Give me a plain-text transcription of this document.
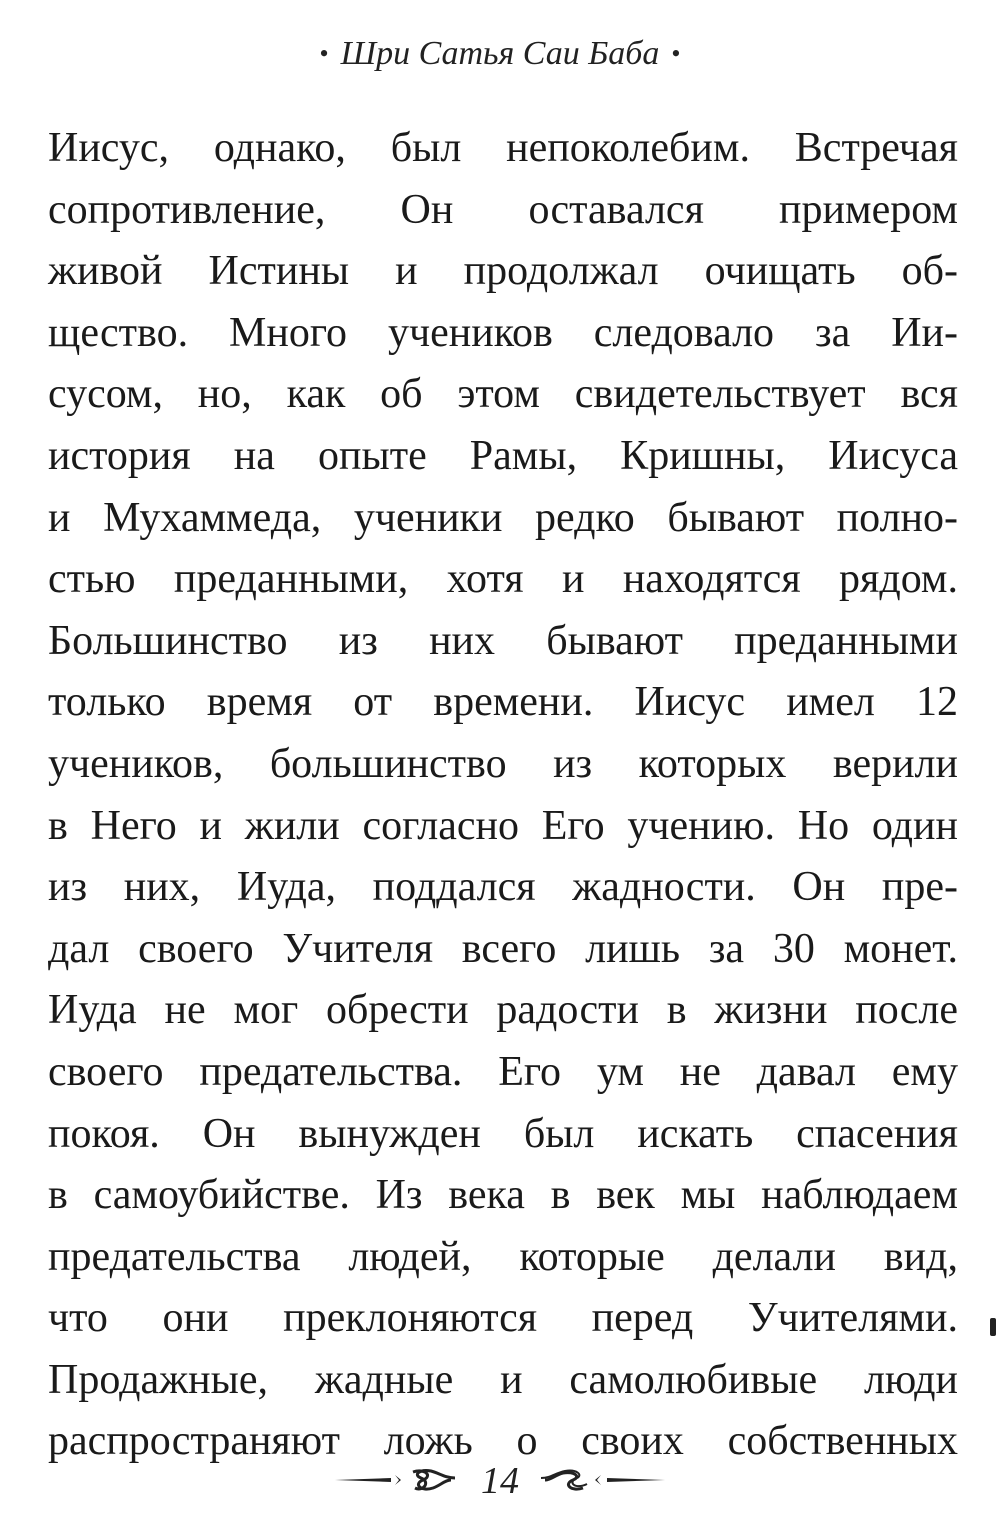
• Шри Сатья Саи Баба •
Иисус, однако, был непоколебим. Встречая
сопротивление, Он оставался примером
живой Истины и продолжал очищать об-
щество. Много учеников следовало за Ии-
сусом, но, как об этом свидетельствует вся
история на опыте Рамы, Кришны, Иисуса
и Мухаммеда, ученики редко бывают полно-
стью преданными, хотя и находятся рядом.
Большинство из них бывают преданными
только время от времени. Иисус имел 12
учеников, большинство из которых верили
в Него и жили согласно Его учению. Но один
из них, Иуда, поддался жадности. Он пре-
дал своего Учителя всего лишь за 30 монет.
Иуда не мог обрести радости в жизни после
своего предательства. Его ум не давал ему
покоя. Он вынужден был искать спасения
в самоубийстве. Из века в век мы наблюдаем
предательства людей, которые делали вид,
что они преклоняются перед Учителями.
Продажные, жадные и самолюбивые люди
распространяют ложь о своих собственных
14
